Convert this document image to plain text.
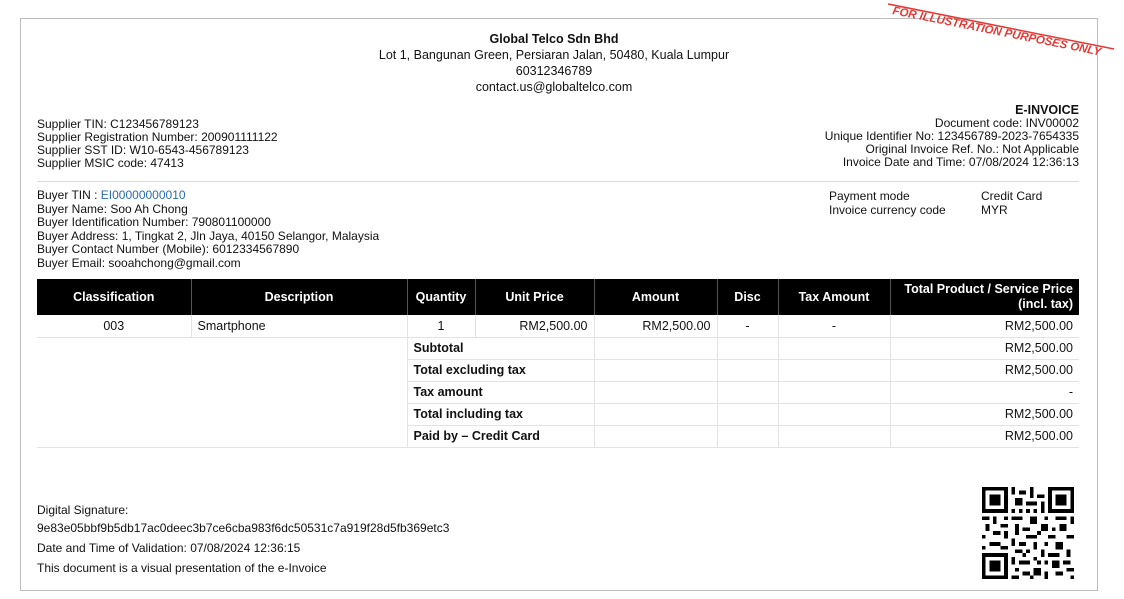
Global Telco Sdn Bhd
Lot 1, Bangunan Green, Persiaran Jalan, 50480, Kuala Lumpur
60312346789
contact.us@globaltelco.com
Supplier TIN: C123456789123
Supplier Registration Number: 200901111122
Supplier SST ID: W10-6543-456789123
Supplier MSIC code: 47413
E-INVOICE
Document code: INV00002
Unique Identifier No: 123456789-2023-7654335
Original Invoice Ref. No.: Not Applicable
Invoice Date and Time: 07/08/2024 12:36:13
Buyer TIN : EI00000000010
Buyer Name: Soo Ah Chong
Buyer Identification Number: 790801100000
Buyer Address: 1, Tingkat 2, Jln Jaya, 40150 Selangor, Malaysia
Buyer Contact Number (Mobile): 6012334567890
Buyer Email: sooahchong@gmail.com
Payment mode	Credit Card
Invoice currency code	MYR
Classification	Description	Quantity	Unit Price	Amount	Disc	Tax Amount	Total Product / Service Price (incl. tax)
003	Smartphone	1	RM2,500.00	RM2,500.00	-	-	RM2,500.00
		Subtotal					RM2,500.00
		Total excluding tax					RM2,500.00
		Tax amount					-
		Total including tax					RM2,500.00
		Paid by – Credit Card					RM2,500.00
Digital Signature:
9e83e05bbf9b5db17ac0deec3b7ce6cba983f6dc50531c7a919f28d5fb369etc3
Date and Time of Validation: 07/08/2024 12:36:15
This document is a visual presentation of the e-Invoice
FOR ILLUSTRATION PURPOSES ONLY
